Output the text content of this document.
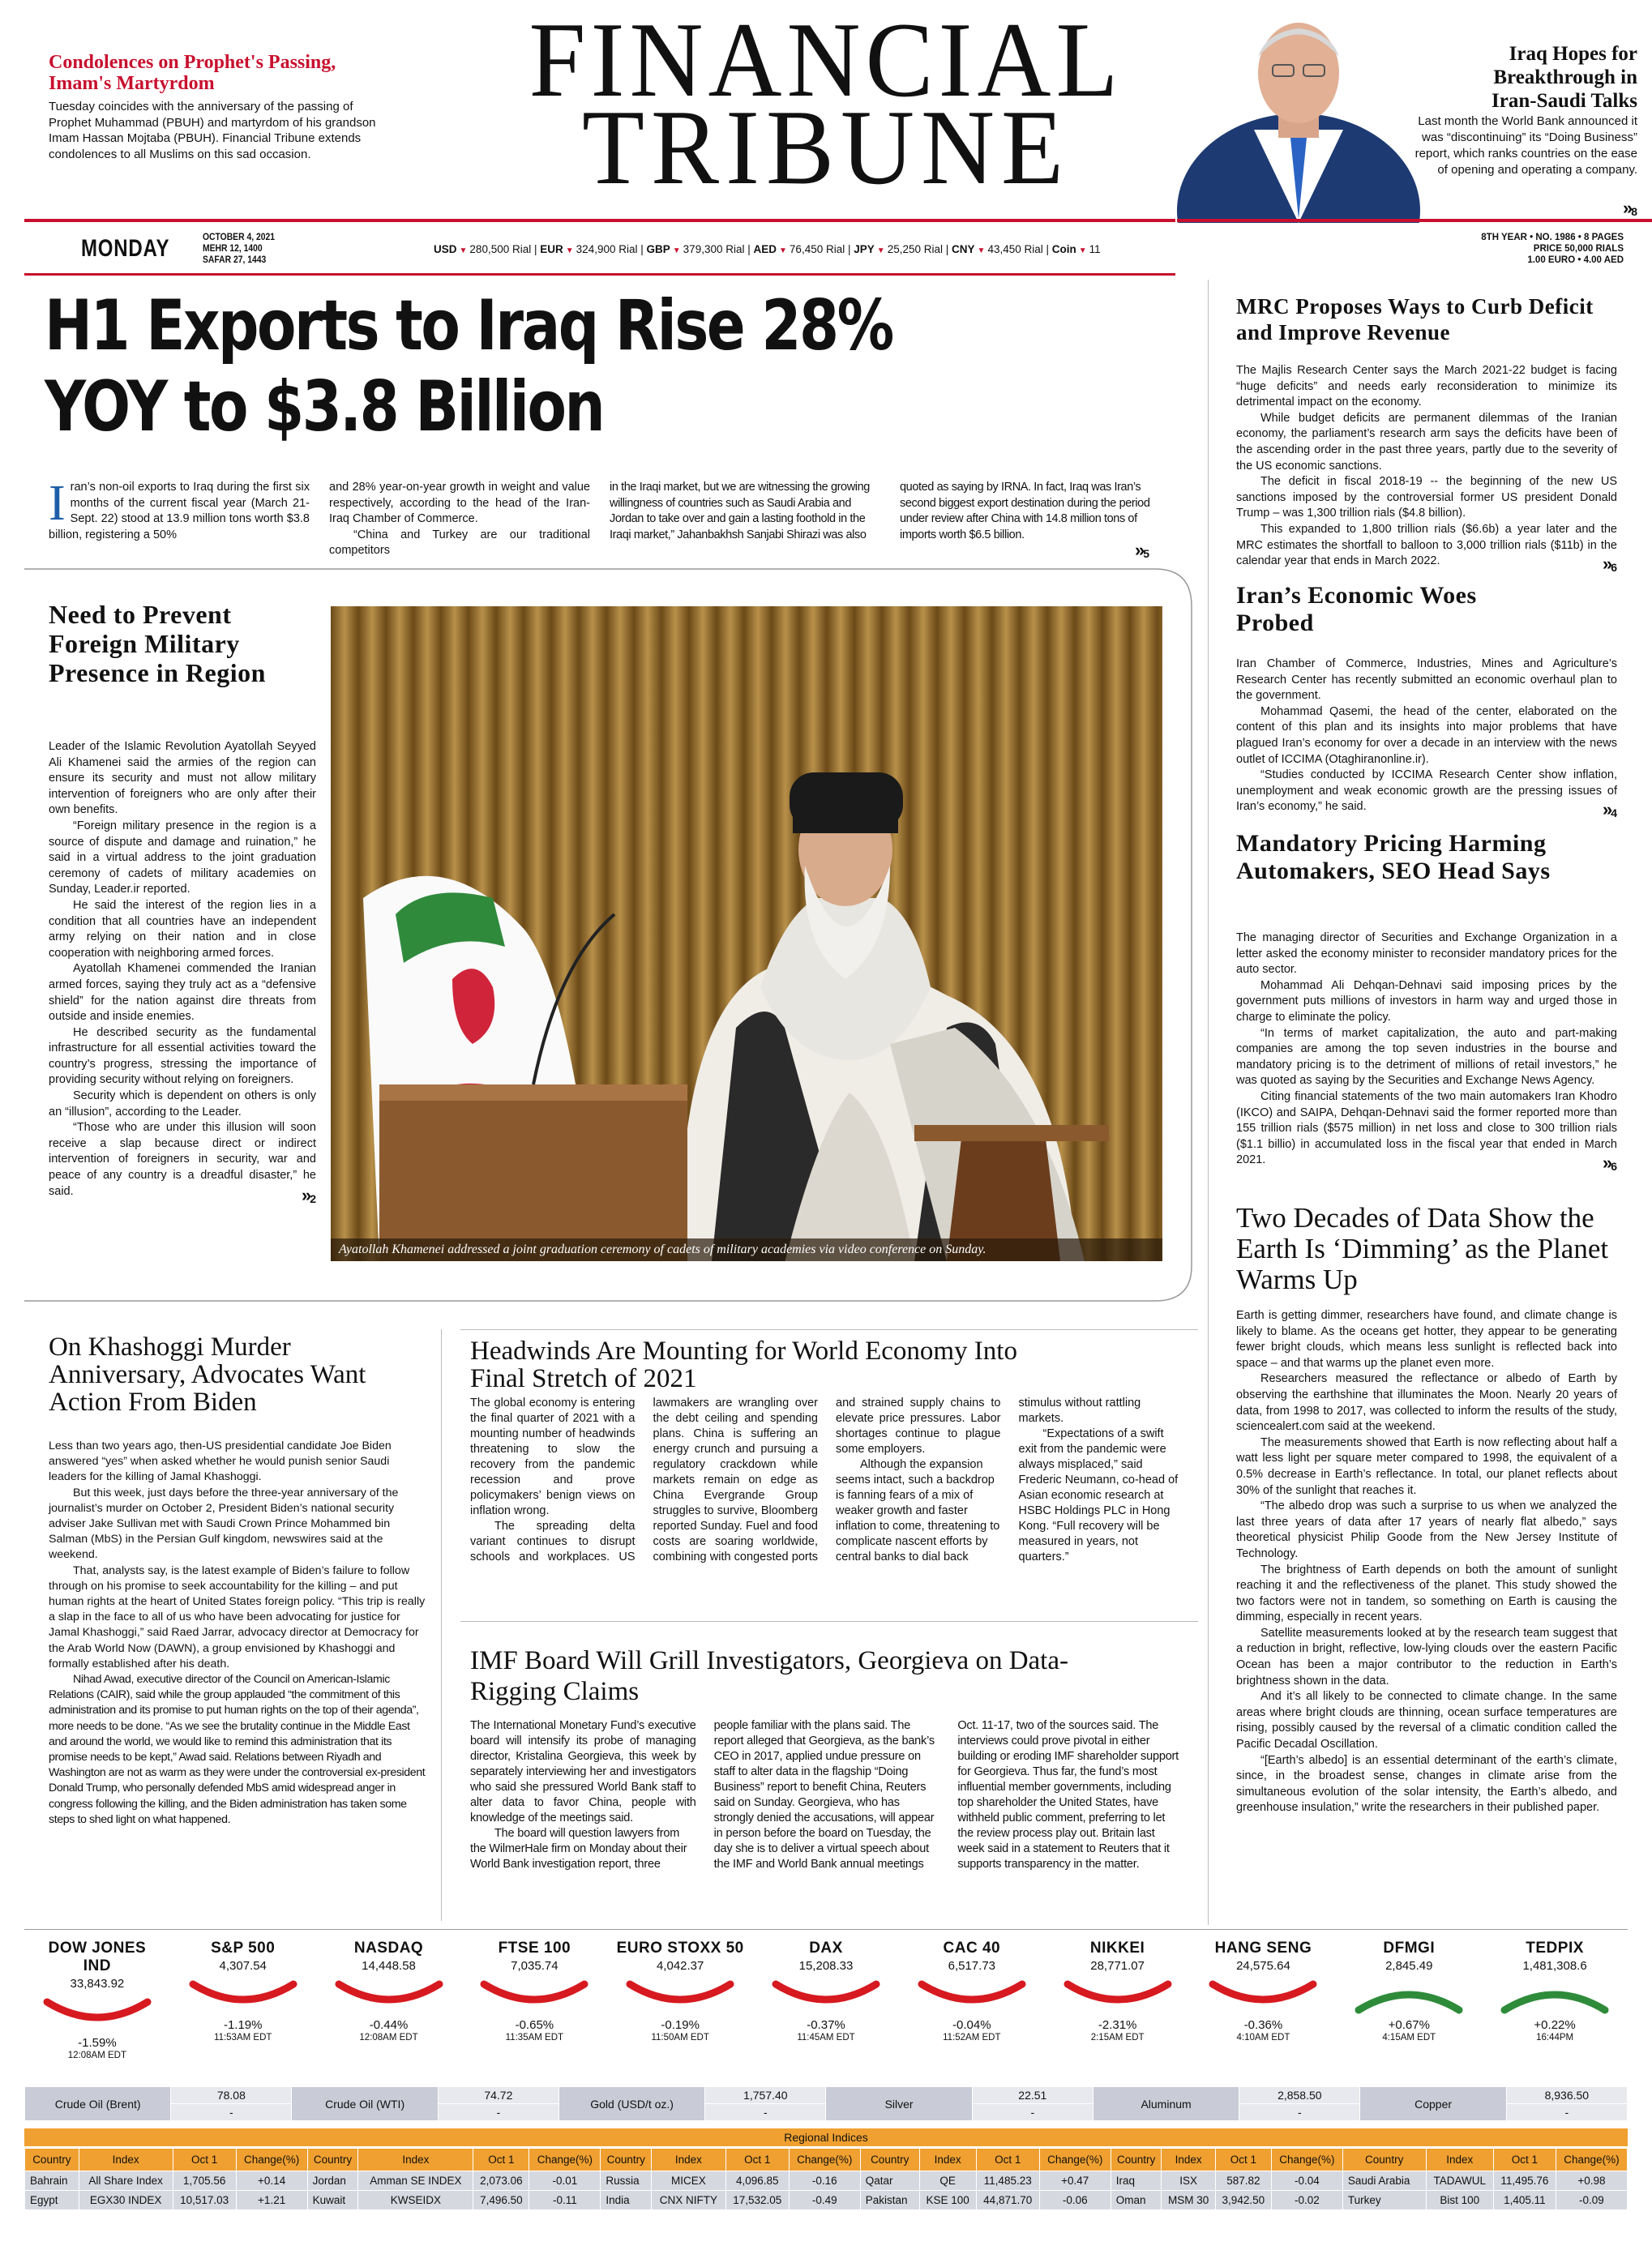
Condolences on Prophet's Passing, Imam's Martyrdom
Tuesday coincides with the anniversary of the passing of Prophet Muhammad (PBUH) and martyrdom of his grandson Imam Hassan Mojtaba (PBUH). Financial Tribune extends condolences to all Muslims on this sad occasion.
FINANCIAL
TRIBUNE
Iraq Hopes for Breakthrough in Iran-Saudi Talks
Last month the World Bank announced it was “discontinuing” its “Doing Business” report, which ranks countries on the ease of opening and operating a company.
»8
MONDAY	OCTOBER 4, 2021
MEHR 12, 1400
SAFAR 27, 1443
USD ▼ 280,500 Rial | EUR ▼ 324,900 Rial | GBP ▼ 379,300 Rial | AED ▼ 76,450 Rial | JPY ▼ 25,250 Rial | CNY ▼ 43,450 Rial | Coin ▼ 11
8TH YEAR • NO. 1986 • 8 PAGES
PRICE 50,000 RIALS
1.00 EURO • 4.00 AED
H1 Exports to Iraq Rise 28%
YOY to $3.8 Billion
Iran’s non-oil exports to Iraq during the first six months of the current fiscal year (March 21-Sept. 22) stood at 13.9 million tons worth $3.8 billion, registering a 50%
and 28% year-on-year growth in weight and value respectively, according to the head of the Iran-Iraq Chamber of Commerce.
“China and Turkey are our traditional competitors
in the Iraqi market, but we are witnessing the growing willingness of countries such as Saudi Arabia and Jordan to take over and gain a lasting foothold in the Iraqi market,” Jahanbakhsh Sanjabi Shirazi was also
quoted as saying by IRNA. In fact, Iraq was Iran’s second biggest export destination during the period under review after China with 14.8 million tons of imports worth $6.5 billion.
»5
Need to Prevent Foreign Military Presence in Region

Leader of the Islamic Revolution Ayatollah Seyyed Ali Khamenei said the armies of the region can ensure its security and must not allow military intervention of foreigners who are only after their own benefits.

“Foreign military presence in the region is a source of dispute and damage and ruination,” he said in a virtual address to the joint graduation ceremony of cadets of military academies on Sunday, Leader.ir reported.

He said the interest of the region lies in a condition that all countries have an independent army relying on their nation and in close cooperation with neighboring armed forces.

Ayatollah Khamenei commended the Iranian armed forces, saying they truly act as a “defensive shield” for the nation against dire threats from outside and inside enemies.

He described security as the fundamental infrastructure for all essential activities toward the country’s progress, stressing the importance of providing security without relying on foreigners.

Security which is dependent on others is only an “illusion”, according to the Leader.

“Those who are under this illusion will soon receive a slap because direct or indirect intervention of foreigners in security, war and peace of any country is a dreadful disaster,” he said.	»2
Ayatollah Khamenei addressed a joint graduation ceremony of cadets of military academies via video conference on Sunday.
MRC Proposes Ways to Curb Deficit and Improve Revenue

The Majlis Research Center says the March 2021-22 budget is facing “huge deficits” and needs early reconsideration to minimize its detrimental impact on the economy.

While budget deficits are permanent dilemmas of the Iranian economy, the parliament’s research arm says the deficits have been of the ascending order in the past three years, partly due to the severity of the US economic sanctions.

The deficit in fiscal 2018-19 -- the beginning of the new US sanctions imposed by the controversial former US president Donald Trump – was 1,300 trillion rials ($4.8 billion).

This expanded to 1,800 trillion rials ($6.6b) a year later and the MRC estimates the shortfall to balloon to 3,000 trillion rials ($11b) in the calendar year that ends in March 2022.	»6
Iran’s Economic Woes Probed

Iran Chamber of Commerce, Industries, Mines and Agriculture’s Research Center has recently submitted an economic overhaul plan to the government.

Mohammad Qasemi, the head of the center, elaborated on the content of this plan and its insights into major problems that have plagued Iran’s economy for over a decade in an interview with the news outlet of ICCIMA (Otaghiranonline.ir).

“Studies conducted by ICCIMA Research Center show inflation, unemployment and weak economic growth are the pressing issues of Iran’s economy,” he said.	»4
Mandatory Pricing Harming Automakers, SEO Head Says

The managing director of Securities and Exchange Organization in a letter asked the economy minister to reconsider mandatory prices for the auto sector.

Mohammad Ali Dehqan-Dehnavi said imposing prices by the government puts millions of investors in harm way and urged those in charge to eliminate the policy.

“In terms of market capitalization, the auto and part-making companies are among the top seven industries in the bourse and mandatory pricing is to the detriment of millions of retail investors,” he was quoted as saying by the Securities and Exchange News Agency.

Citing financial statements of the two main automakers Iran Khodro (IKCO) and SAIPA, Dehqan-Dehnavi said the former reported more than 155 trillion rials ($575 million) in net loss and close to 300 trillion rials ($1.1 billio) in accumulated loss in the fiscal year that ended in March 2021.	»6
Two Decades of Data Show the Earth Is ‘Dimming’ as the Planet Warms Up

Earth is getting dimmer, researchers have found, and climate change is likely to blame. As the oceans get hotter, they appear to be generating fewer bright clouds, which means less sunlight is reflected back into space – and that warms up the planet even more.

Researchers measured the reflectance or albedo of Earth by observing the earthshine that illuminates the Moon. Nearly 20 years of data, from 1998 to 2017, was collected to inform the results of the study, sciencealert.com said at the weekend.

The measurements showed that Earth is now reflecting about half a watt less light per square meter compared to 1998, the equivalent of a 0.5% decrease in Earth’s reflectance. In total, our planet reflects about 30% of the sunlight that reaches it.

“The albedo drop was such a surprise to us when we analyzed the last three years of data after 17 years of nearly flat albedo,” says theoretical physicist Philip Goode from the New Jersey Institute of Technology.

The brightness of Earth depends on both the amount of sunlight reaching it and the reflectiveness of the planet. This study showed the two factors were not in tandem, so something on Earth is causing the dimming, especially in recent years.

Satellite measurements looked at by the research team suggest that a reduction in bright, reflective, low-lying clouds over the eastern Pacific Ocean has been a major contributor to the reduction in Earth’s brightness shown in the data.

And it’s all likely to be connected to climate change. In the same areas where bright clouds are thinning, ocean surface temperatures are rising, possibly caused by the reversal of a climatic condition called the Pacific Decadal Oscillation.

“[Earth’s albedo] is an essential determinant of the earth’s climate, since, in the broadest sense, changes in climate arise from the simultaneous evolution of the solar intensity, the Earth’s albedo, and greenhouse insulation,” write the researchers in their published paper.

On Khashoggi Murder Anniversary, Advocates Want Action From Biden

Less than two years ago, then-US presidential candidate Joe Biden answered “yes” when asked whether he would punish senior Saudi leaders for the killing of Jamal Khashoggi.

But this week, just days before the three-year anniversary of the journalist’s murder on October 2, President Biden’s national security adviser Jake Sullivan met with Saudi Crown Prince Mohammed bin Salman (MbS) in the Persian Gulf kingdom, newswires said at the weekend.

That, analysts say, is the latest example of Biden’s failure to follow through on his promise to seek accountability for the killing – and put human rights at the heart of United States foreign policy. “This trip is really a slap in the face to all of us who have been advocating for justice for Jamal Khashoggi,” said Raed Jarrar, advocacy director at Democracy for the Arab World Now (DAWN), a group envisioned by Khashoggi and formally established after his death.

Nihad Awad, executive director of the Council on American-Islamic Relations (CAIR), said while the group applauded “the commitment of this administration and its promise to put human rights on the top of their agenda”, more needs to be done. “As we see the brutality continue in the Middle East and around the world, we would like to remind this administration that its promise needs to be kept,” Awad said. Relations between Riyadh and Washington are not as warm as they were under the controversial ex-president Donald Trump, who personally defended MbS amid widespread anger in congress following the killing, and the Biden administration has taken some steps to shed light on what happened.

Headwinds Are Mounting for World Economy Into Final Stretch of 2021

The global economy is entering the final quarter of 2021 with a mounting number of headwinds threatening to slow the recovery from the pandemic recession and prove policymakers’ benign views on inflation wrong.

The spreading delta variant continues to disrupt schools and workplaces. US lawmakers are wrangling over the debt ceiling and spending plans. China is suffering an energy crunch and pursuing a regulatory crackdown while markets remain on edge as China Evergrande Group struggles to survive, Bloomberg reported Sunday. Fuel and food costs are soaring worldwide, combining with congested ports and strained supply chains to elevate price pressures. Labor shortages continue to plague some employers.

Although the expansion seems intact, such a backdrop is fanning fears of a mix of weaker growth and faster inflation to come, threatening to complicate nascent efforts by central banks to dial back stimulus without rattling markets.

“Expectations of a swift exit from the pandemic were always misplaced,” said Frederic Neumann, co-head of Asian economic research at HSBC Holdings PLC in Hong Kong. “Full recovery will be measured in years, not quarters.”

IMF Board Will Grill Investigators, Georgieva on Data-Rigging Claims

The International Monetary Fund’s executive board will intensify its probe of managing director, Kristalina Georgieva, this week by separately interviewing her and investigators who said she pressured World Bank staff to alter data to favor China, people with knowledge of the meetings said.

The board will question lawyers from the WilmerHale firm on Monday about their World Bank investigation report, three people familiar with the plans said. The report alleged that Georgieva, as the bank’s CEO in 2017, applied undue pressure on staff to alter data in the flagship “Doing Business” report to benefit China, Reuters said on Sunday. Georgieva, who has strongly denied the accusations, will appear in person before the board on Tuesday, the day she is to deliver a virtual speech about the IMF and World Bank annual meetings Oct. 11-17, two of the sources said. The interviews could prove pivotal in either building or eroding IMF shareholder support for Georgieva. Thus far, the fund’s most influential member governments, including top shareholder the United States, have withheld public comment, preferring to let the review process play out. Britain last week said in a statement to Reuters that it supports transparency in the matter.

DOW JONES IND
33,843.92
-1.59%
12:08AM EDT
S&P 500
4,307.54
-1.19%
11:53AM EDT
NASDAQ
14,448.58
-0.44%
12:08AM EDT
FTSE 100
7,035.74
-0.65%
11:35AM EDT
EURO STOXX 50
4,042.37
-0.19%
11:50AM EDT
DAX
15,208.33
-0.37%
11:45AM EDT
CAC 40
6,517.73
-0.04%
11:52AM EDT
NIKKEI
28,771.07
-2.31%
2:15AM EDT
HANG SENG
24,575.64
-0.36%
4:10AM EDT
DFMGI
2,845.49
+0.67%
4:15AM EDT
TEDPIX
1,481,308.6
+0.22%
16:44PM
Crude Oil (Brent)	78.08	Crude Oil (WTI)	74.72	Gold (USD/t oz.)	1,757.40	Silver	22.51	Aluminum	2,858.50	Copper	8,936.50
	-		-		-		-		-		-
Regional Indices
Country	Index	Oct 1	Change(%)	Country	Index	Oct 1	Change(%)	Country	Index	Oct 1	Change(%)	Country	Index	Oct 1	Change(%)	Country	Index	Oct 1	Change(%)	Country	Index	Oct 1	Change(%)
Bahrain	All Share Index	1,705.56	+0.14	Jordan	Amman SE INDEX	2,073.06	-0.01	Russia	MICEX	4,096.85	-0.16	Qatar	QE	11,485.23	+0.47	Iraq	ISX	587.82	-0.04	Saudi Arabia	TADAWUL	11,495.76	+0.98
Egypt	EGX30 INDEX	10,517.03	+1.21	Kuwait	KWSEIDX	7,496.50	-0.11	India	CNX NIFTY	17,532.05	-0.49	Pakistan	KSE 100	44,871.70	-0.06	Oman	MSM 30	3,942.50	-0.02	Turkey	Bist 100	1,405.11	-0.09
